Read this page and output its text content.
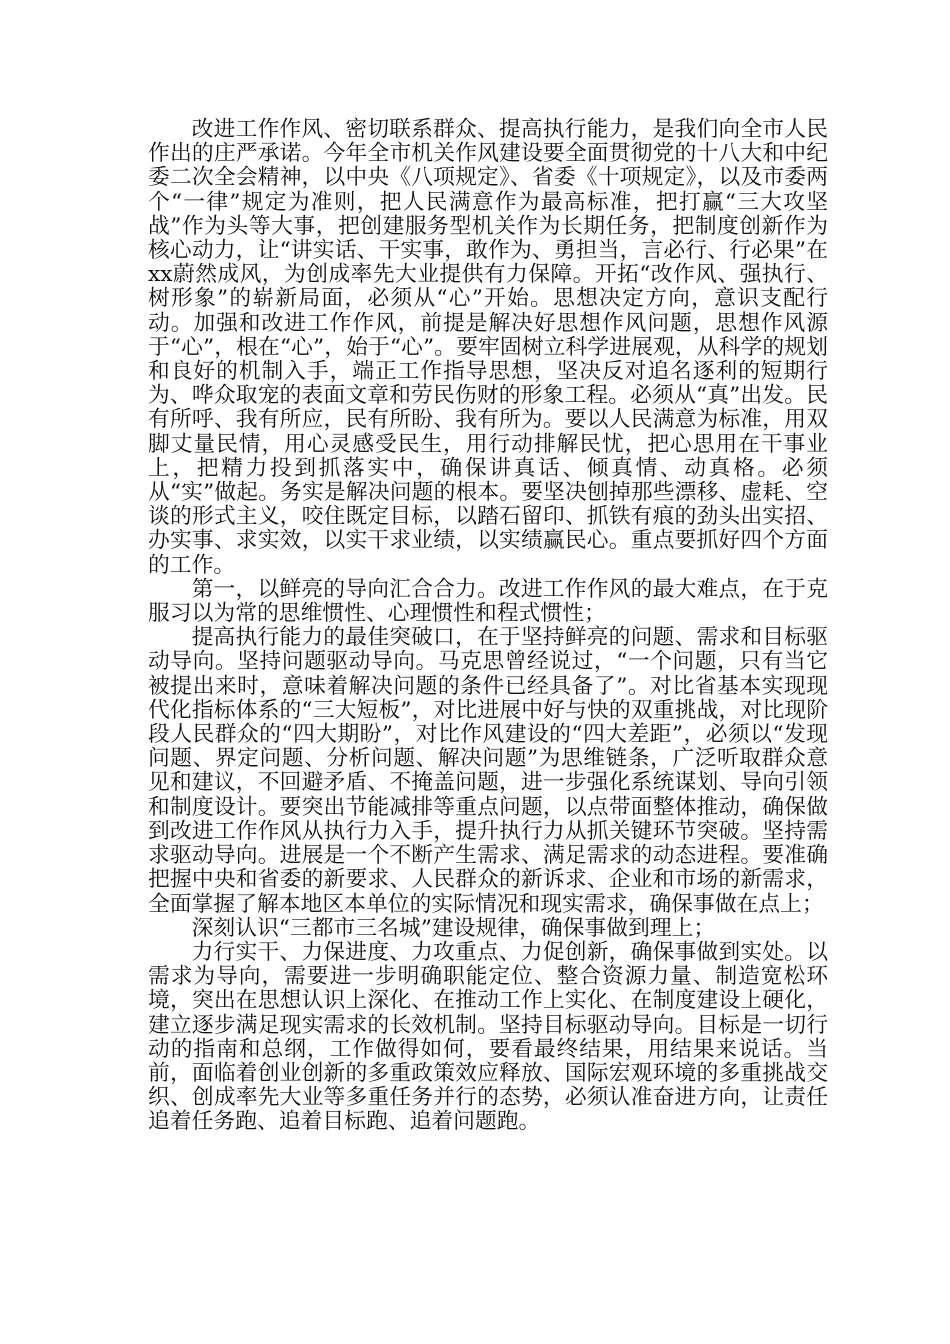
改进工作作风、密切联系群众、提高执行能力，是我们向全市人民作出的庄严承诺。今年全市机关作风建设要全面贯彻党的十八大和中纪委二次全会精神，以中央《八项规定》、省委《十项规定》，以及市委两个“一律”规定为准则，把人民满意作为最高标准，把打赢“三大攻坚战”作为头等大事，把创建服务型机关作为长期任务，把制度创新作为核心动力，让“讲实话、干实事，敢作为、勇担当，言必行、行必果”在xx蔚然成风，为创成率先大业提供有力保障。开拓“改作风、强执行、树形象”的崭新局面，必须从“心”开始。思想决定方向，意识支配行动。加强和改进工作作风，前提是解决好思想作风问题，思想作风源于“心”，根在“心”，始于“心”。要牢固树立科学进展观，从科学的规划和良好的机制入手，端正工作指导思想，坚决反对追名逐利的短期行为、哗众取宠的表面文章和劳民伤财的形象工程。必须从“真”出发。民有所呼、我有所应，民有所盼、我有所为。要以人民满意为标准，用双脚丈量民情，用心灵感受民生，用行动排解民忧，把心思用在干事业上，把精力投到抓落实中，确保讲真话、倾真情、动真格。必须从“实”做起。务实是解决问题的根本。要坚决刨掉那些漂移、虚耗、空谈的形式主义，咬住既定目标，以踏石留印、抓铁有痕的劲头出实招、办实事、求实效，以实干求业绩，以实绩赢民心。重点要抓好四个方面的工作。

第一，以鲜亮的导向汇合合力。改进工作作风的最大难点，在于克服习以为常的思维惯性、心理惯性和程式惯性；

提高执行能力的最佳突破口，在于坚持鲜亮的问题、需求和目标驱动导向。坚持问题驱动导向。马克思曾经说过，“一个问题，只有当它被提出来时，意味着解决问题的条件已经具备了”。对比省基本实现现代化指标体系的“三大短板”，对比进展中好与快的双重挑战，对比现阶段人民群众的“四大期盼”，对比作风建设的“四大差距”，必须以“发现问题、界定问题、分析问题、解决问题”为思维链条，广泛听取群众意见和建议，不回避矛盾、不掩盖问题，进一步强化系统谋划、导向引领和制度设计。要突出节能减排等重点问题，以点带面整体推动，确保做到改进工作作风从执行力入手，提升执行力从抓关键环节突破。坚持需求驱动导向。进展是一个不断产生需求、满足需求的动态进程。要准确把握中央和省委的新要求、人民群众的新诉求、企业和市场的新需求，全面掌握了解本地区本单位的实际情况和现实需求，确保事做在点上；

深刻认识“三都市三名城”建设规律，确保事做到理上；

力行实干、力保进度、力攻重点、力促创新，确保事做到实处。以需求为导向，需要进一步明确职能定位、整合资源力量、制造宽松环境，突出在思想认识上深化、在推动工作上实化、在制度建设上硬化，建立逐步满足现实需求的长效机制。坚持目标驱动导向。目标是一切行动的指南和总纲，工作做得如何，要看最终结果，用结果来说话。当前，面临着创业创新的多重政策效应释放、国际宏观环境的多重挑战交织、创成率先大业等多重任务并行的态势，必须认准奋进方向，让责任追着任务跑、追着目标跑、追着问题跑。
